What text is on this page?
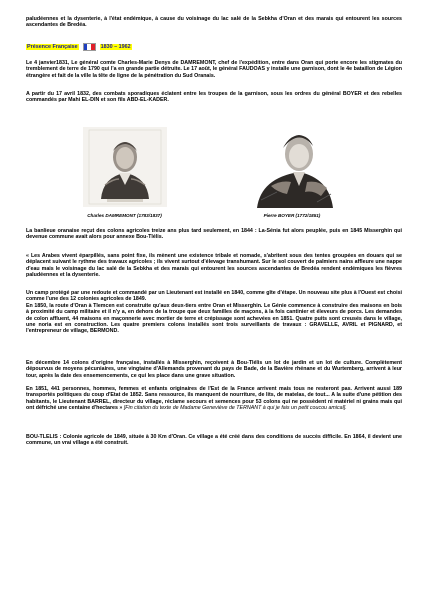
paludéennes et la dysenterie, à l'état endémique, à cause du voisinage du lac salé de la Sebkha d'Oran et des marais qui entourent les sources ascendantes de Bredéa.

Présence Française	1830 – 1962

Le 4 janvier1831, Le général comte Charles-Marie Denys de DAMREMONT, chef de l'expédition, entre dans Oran qui porte encore les stigmates du tremblement de terre de 1790 qui l'a en grande partie détruite. Le 17 août, le général FAUDOAS y installe une garnison, dont le 4e bataillon de Légion étrangère et fait de la ville la tête de ligne de la pénétration du Sud Oranais.

A partir du 17 avril 1832, des combats sporadiques éclatent entre les troupes de la garnison, sous les ordres du général BOYER et des rebelles commandés par Mahi EL-DIN et son fils ABD-EL-KADER.

Charles DAMREMONT (1783/1837)	Pierre BOYER (1772/1851)

La banlieue oranaise reçut des colons agricoles treize ans plus tard seulement, en 1844 : La-Sénia fut alors peuplée, puis en 1845 Misserghin qui devenue commune avait alors pour annexe Bou-Tlélis.

« Les Arabes vivent éparpillés, sans point fixe, ils mènent une existence tribale et nomade, s'abritent sous des tentes groupées en douars qui se déplacent suivant le rythme des travaux agricoles ; ils vivent surtout d'élevage transhumant. Sur le sol couvert de palmiers nains affleure une nappe d'eau mais le voisinage du lac salé de la Sebkha et des marais qui entourent les sources ascendantes de Bredéa rendent endémiques les fièvres paludéennes et la dysenterie.

Un camp protégé par une redoute et commandé par un Lieutenant est installé en 1840, comme gîte d'étape. Un nouveau site plus à l'Ouest est choisi comme l'une des 12 colonies agricoles de 1849.

En 1850, la route d'Oran à Tlemcen est construite qu'aux deux-tiers entre Oran et Misserghin. Le Génie commence à construire des maisons en bois à proximité du camp militaire et il n'y a, en dehors de la troupe que deux familles de maçons, à la fois cantinier et éleveurs de porcs. Les demandes de colon affluent, 44 maisons en maçonnerie avec mortier de terre et crépissage sont achevées en 1851. Quatre puits sont creusés dans le village, une noria est en construction. Les quatre premiers colons installés sont trois surveillants de travaux : GRAVELLE, AVRIL et PIGNARD, et l'entrepreneur de village, BERMOND.

En décembre 14 colons d'origine française, installés à Misserghin, reçoivent à Bou-Tlélis un lot de jardin et un lot de culture. Complètement dépourvus de moyens pécuniaires, une vingtaine d'Allemands provenant du pays de Bade, de la Bavière rhénane et du Wurtemberg, arrivent à leur tour, après la date des ensemencements, ce qui les place dans une grave situation.

En 1851, 441 personnes, hommes, femmes et enfants originaires de l'Est de la France arrivent mais tous ne resteront pas. Arrivent aussi 189 transportés politiques du coup d'Etat de 1852. Sans ressource, ils manquent de nourriture, de lits, de matelas, de tout... A la suite d'une pétition des habitants, le Lieutenant BARREL, directeur du village, réclame secours et semences pour 53 colons qui ne possèdent ni matériel ni grains mais qui ont défriché une centaine d'hectares » [Fin citation du texte de Madame Geneviève de TERNANT à qui je fais un petit coucou amical].

BOU-TLELIS : Colonie agricole de 1849, située à 30 Km d'Oran. Ce village a été créé dans des conditions de succès difficile. En 1864, il devient une commune, un vrai village a été construit.
